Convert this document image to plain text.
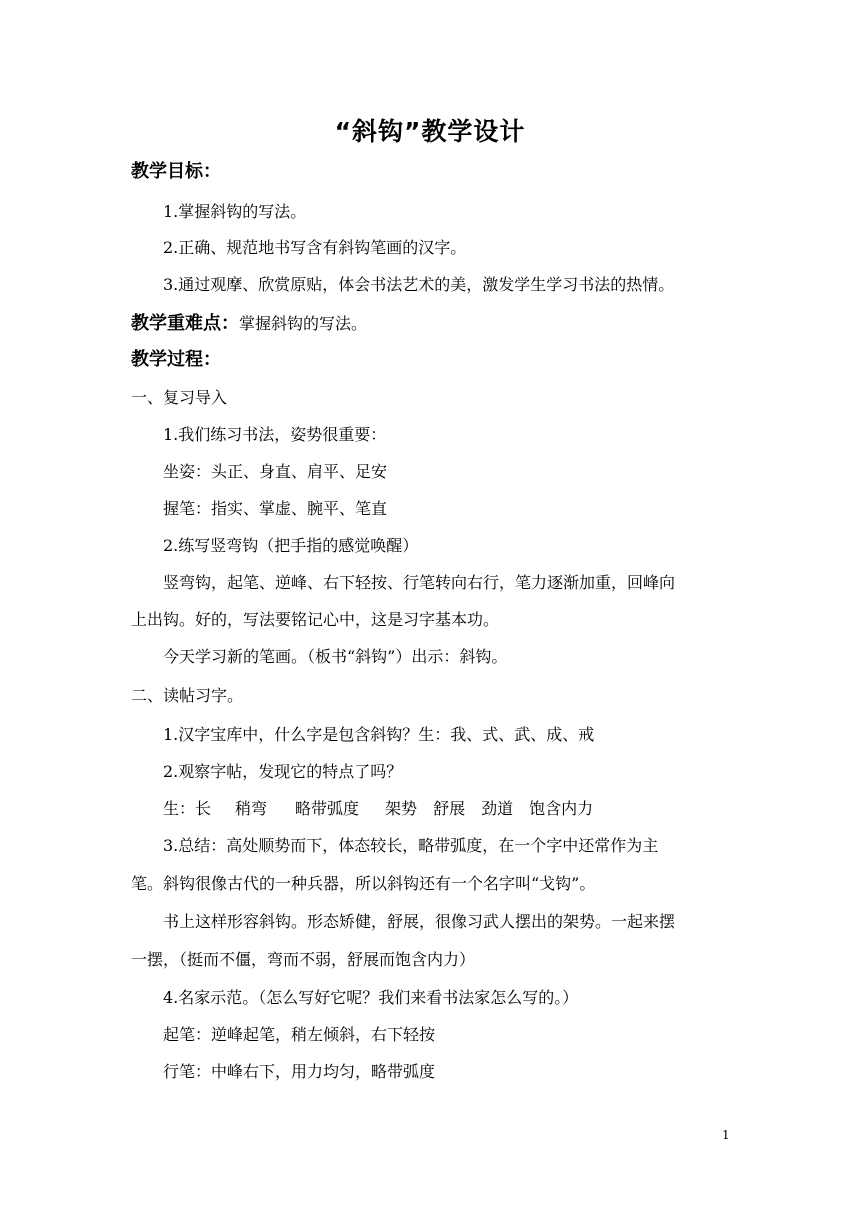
“斜钩”教学设计
教学目标：
1.掌握斜钩的写法。
2.正确、规范地书写含有斜钩笔画的汉字。
3.通过观摩、欣赏原贴，体会书法艺术的美，激发学生学习书法的热情。
教学重难点：掌握斜钩的写法。
教学过程：
一、复习导入
1.我们练习书法，姿势很重要：
坐姿：头正、身直、肩平、足安
握笔：指实、掌虚、腕平、笔直
2.练写竖弯钩（把手指的感觉唤醒）
竖弯钩，起笔、逆峰、右下轻按、行笔转向右行，笔力逐渐加重，回峰向
上出钩。好的，写法要铭记心中，这是习字基本功。
今天学习新的笔画。（板书“斜钩”）出示：斜钩。
二、读帖习字。
1.汉字宝库中，什么字是包含斜钩？生：我、式、武、成、戒
2.观察字帖，发现它的特点了吗？
生：长 稍弯 略带弧度 架势 舒展 劲道 饱含内力
3.总结：高处顺势而下，体态较长，略带弧度，在一个字中还常作为主
笔。斜钩很像古代的一种兵器，所以斜钩还有一个名字叫“戈钩”。
书上这样形容斜钩。形态矫健，舒展，很像习武人摆出的架势。一起来摆
一摆，（挺而不僵，弯而不弱，舒展而饱含内力）
4.名家示范。（怎么写好它呢？我们来看书法家怎么写的。）
起笔：逆峰起笔，稍左倾斜，右下轻按
行笔：中峰右下，用力均匀，略带弧度
1
